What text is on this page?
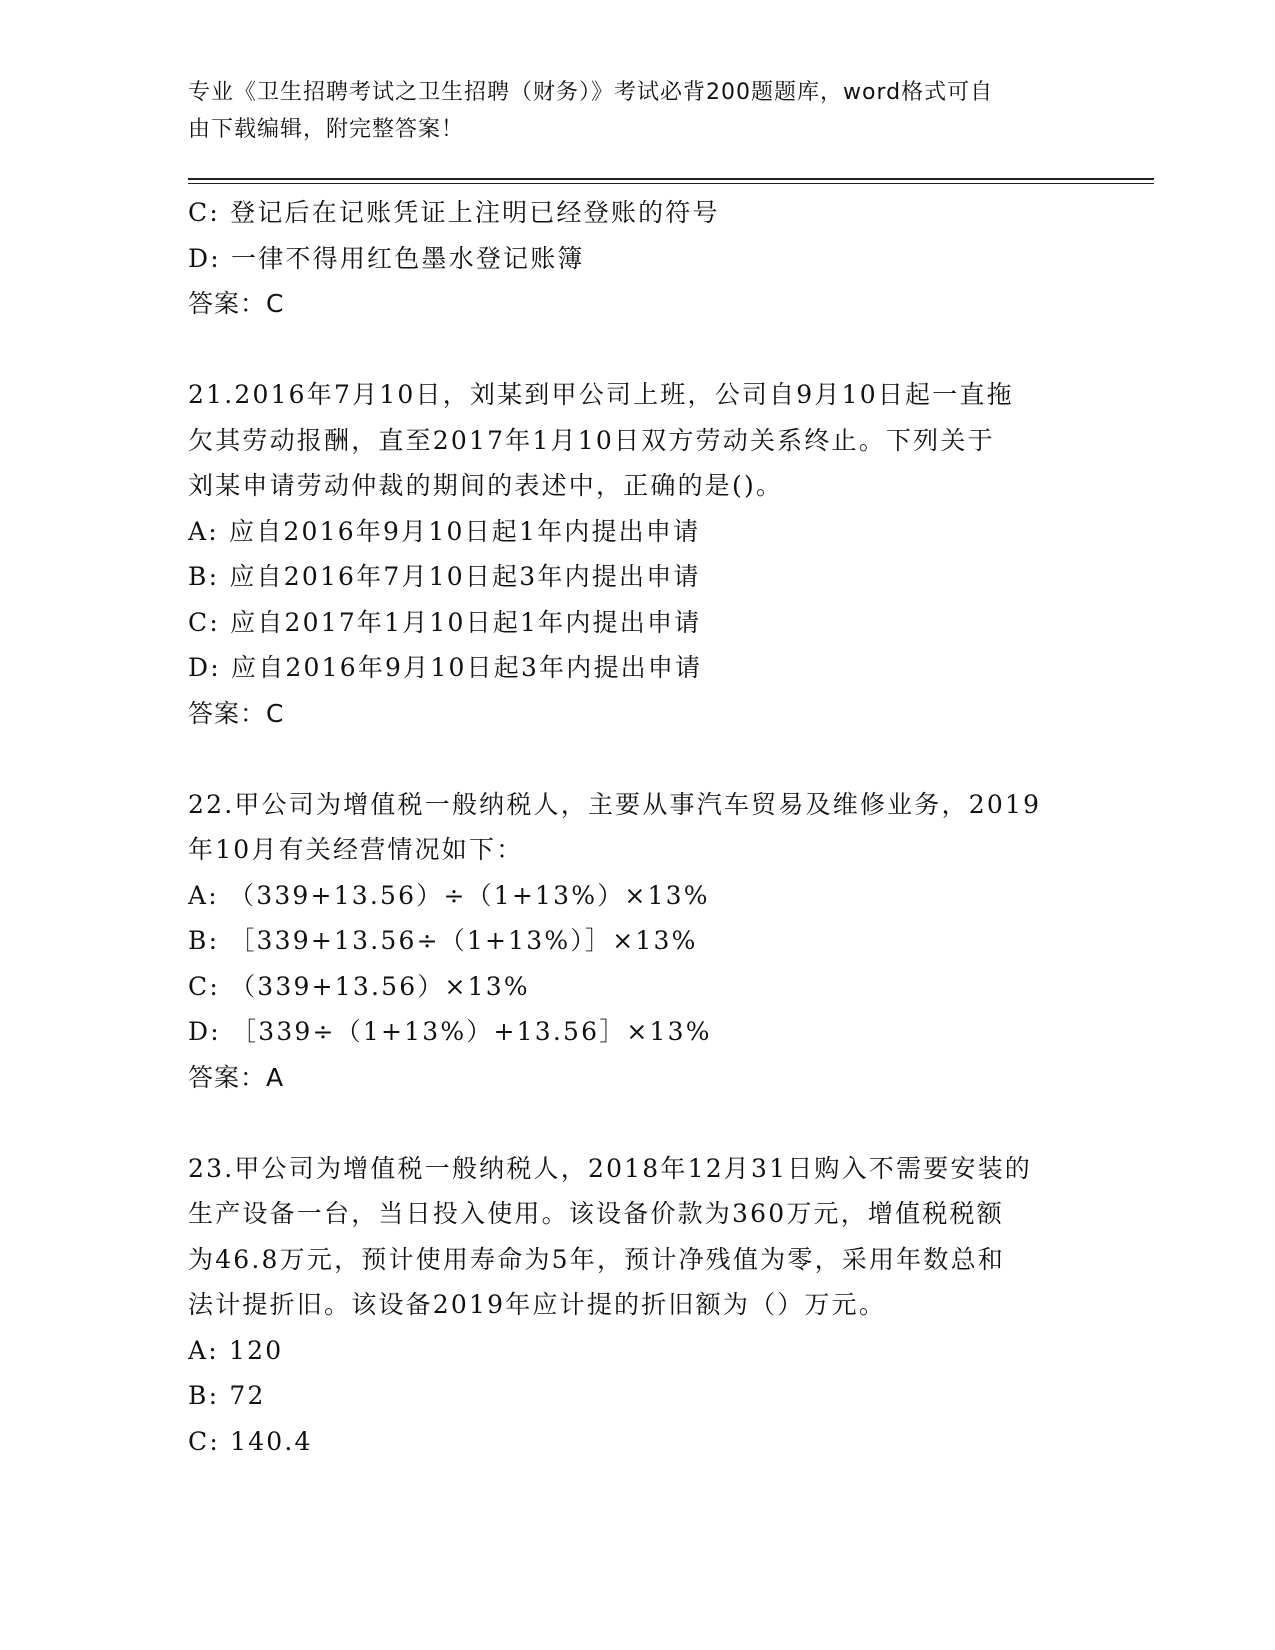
专业《卫生招聘考试之卫生招聘（财务）》考试必背200题题库，word格式可自
由下载编辑，附完整答案！
C: 登记后在记账凭证上注明已经登账的符号
D: 一律不得用红色墨水登记账簿
答案：C
21.2016年7月10日，刘某到甲公司上班，公司自9月10日起一直拖
欠其劳动报酬，直至2017年1月10日双方劳动关系终止。下列关于
刘某申请劳动仲裁的期间的表述中，正确的是()。
A: 应自2016年9月10日起1年内提出申请
B: 应自2016年7月10日起3年内提出申请
C: 应自2017年1月10日起1年内提出申请
D: 应自2016年9月10日起3年内提出申请
答案：C
22.甲公司为增值税一般纳税人，主要从事汽车贸易及维修业务，2019
年10月有关经营情况如下：
A: （339+13.56）÷（1+13%）×13%
B: ［339+13.56÷（1+13%）］×13%
C: （339+13.56）×13%
D: ［339÷（1+13%）+13.56］×13%
答案：A
23.甲公司为增值税一般纳税人，2018年12月31日购入不需要安装的
生产设备一台，当日投入使用。该设备价款为360万元，增值税税额
为46.8万元，预计使用寿命为5年，预计净残值为零，采用年数总和
法计提折旧。该设备2019年应计提的折旧额为（）万元。
A: 120
B: 72
C: 140.4
